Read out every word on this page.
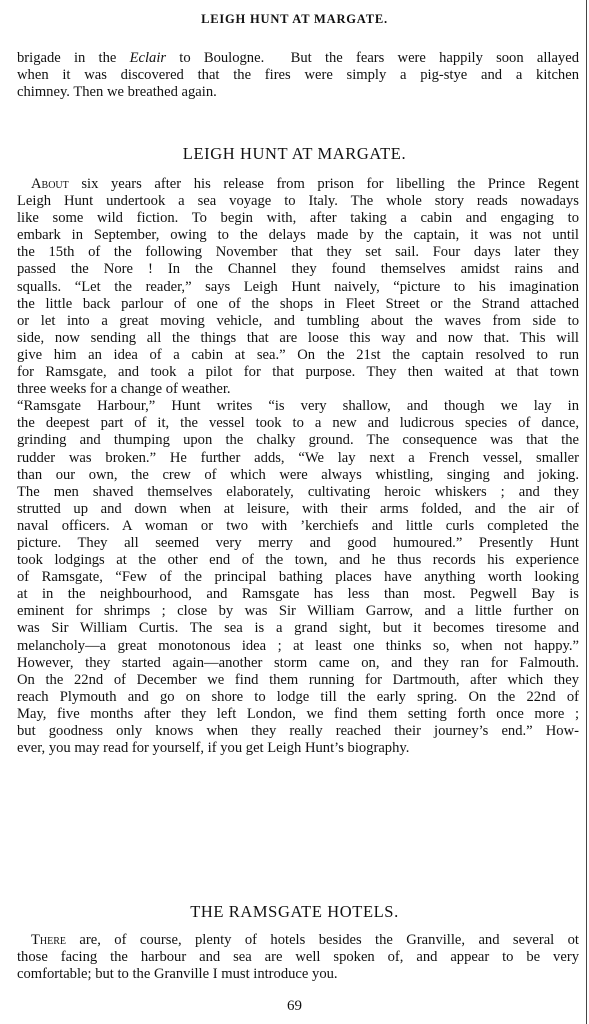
LEIGH HUNT AT MARGATE.
brigade in the Eclair to Boulogne.  But the fears were happily soon allayed
when it was discovered that the fires were simply a pig-stye and a kitchen
chimney. Then we breathed again.
LEIGH HUNT AT MARGATE.
About six years after his release from prison for libelling the Prince Regent
Leigh Hunt undertook a sea voyage to Italy. The whole story reads nowadays
like some wild fiction. To begin with, after taking a cabin and engaging to
embark in September, owing to the delays made by the captain, it was not until
the 15th of the following November that they set sail. Four days later they
passed the Nore ! In the Channel they found themselves amidst rains and
squalls. “Let the reader,” says Leigh Hunt naively, “picture to his imagination
the little back parlour of one of the shops in Fleet Street or the Strand attached
or let into a great moving vehicle, and tumbling about the waves from side to
side, now sending all the things that are loose this way and now that. This will
give him an idea of a cabin at sea.” On the 21st the captain resolved to run
for Ramsgate, and took a pilot for that purpose. They then waited at that town
three weeks for a change of weather.
“Ramsgate Harbour,” Hunt writes “is very shallow, and though we lay in
the deepest part of it, the vessel took to a new and ludicrous species of dance,
grinding and thumping upon the chalky ground. The consequence was that the
rudder was broken.” He further adds, “We lay next a French vessel, smaller
than our own, the crew of which were always whistling, singing and joking.
The men shaved themselves elaborately, cultivating heroic whiskers ; and they
strutted up and down when at leisure, with their arms folded, and the air of
naval officers. A woman or two with ’kerchiefs and little curls completed the
picture. They all seemed very merry and good humoured.” Presently Hunt
took lodgings at the other end of the town, and he thus records his experience
of Ramsgate, “Few of the principal bathing places have anything worth looking
at in the neighbourhood, and Ramsgate has less than most. Pegwell Bay is
eminent for shrimps ; close by was Sir William Garrow, and a little further on
was Sir William Curtis. The sea is a grand sight, but it becomes tiresome and
melancholy—a great monotonous idea ; at least one thinks so, when not happy.”
However, they started again—another storm came on, and they ran for Falmouth.
On the 22nd of December we find them running for Dartmouth, after which they
reach Plymouth and go on shore to lodge till the early spring. On the 22nd of
May, five months after they left London, we find them setting forth once more ;
but goodness only knows when they really reached their journey’s end.” How-
ever, you may read for yourself, if you get Leigh Hunt’s biography.
THE RAMSGATE HOTELS.
There are, of course, plenty of hotels besides the Granville, and several ot
those facing the harbour and sea are well spoken of, and appear to be very
comfortable; but to the Granville I must introduce you.
69
